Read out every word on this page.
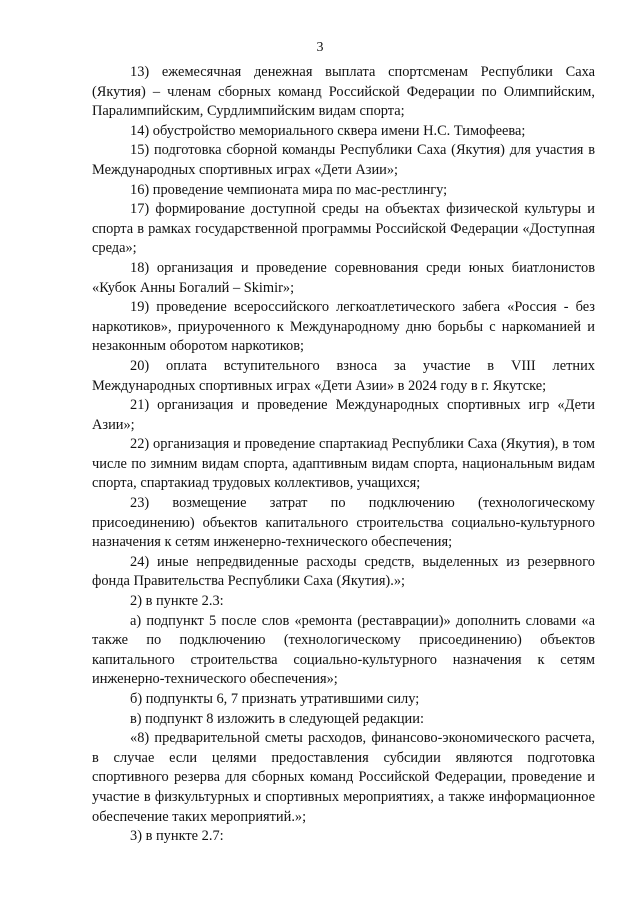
3

13) ежемесячная денежная выплата спортсменам Республики Саха (Якутия) – членам сборных команд Российской Федерации по Олимпийским, Паралимпийским, Сурдлимпийским видам спорта;

14) обустройство мемориального сквера имени Н.С. Тимофеева;

15) подготовка сборной команды Республики Саха (Якутия) для участия в Международных спортивных играх «Дети Азии»;

16) проведение чемпионата мира по мас-рестлингу;

17) формирование доступной среды на объектах физической культуры и спорта в рамках государственной программы Российской Федерации «Доступная среда»;

18) организация и проведение соревнования среди юных биатлонистов «Кубок Анны Богалий – Skimir»;

19) проведение всероссийского легкоатлетического забега «Россия - без наркотиков», приуроченного к Международному дню борьбы с наркоманией и незаконным оборотом наркотиков;

20) оплата вступительного взноса за участие в VIII летних Международных спортивных играх «Дети Азии» в 2024 году в г. Якутске;

21) организация и проведение Международных спортивных игр «Дети Азии»;

22) организация и проведение спартакиад Республики Саха (Якутия), в том числе по зимним видам спорта, адаптивным видам спорта, национальным видам спорта, спартакиад трудовых коллективов, учащихся;

23) возмещение затрат по подключению (технологическому присоединению) объектов капитального строительства социально-культурного назначения к сетям инженерно-технического обеспечения;

24) иные непредвиденные расходы средств, выделенных из резервного фонда Правительства Республики Саха (Якутия).»;

2) в пункте 2.3:

а) подпункт 5 после слов «ремонта (реставрации)» дополнить словами «а также по подключению (технологическому присоединению) объектов капитального строительства социально-культурного назначения к сетям инженерно-технического обеспечения»;

б) подпункты 6, 7 признать утратившими силу;

в) подпункт 8 изложить в следующей редакции:

«8) предварительной сметы расходов, финансово-экономического расчета, в случае если целями предоставления субсидии являются подготовка спортивного резерва для сборных команд Российской Федерации, проведение и участие в физкультурных и спортивных мероприятиях, а также информационное обеспечение таких мероприятий.»;

3) в пункте 2.7:
